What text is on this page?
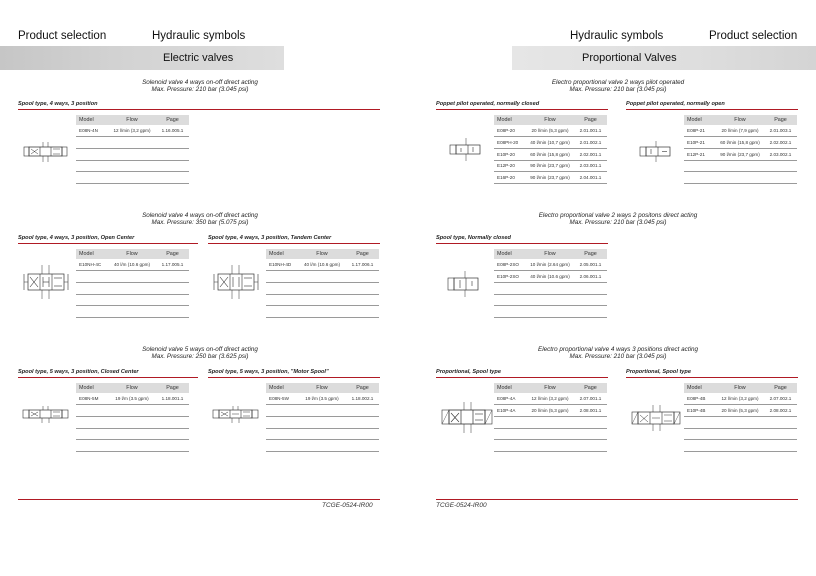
Product selection	Hydraulic symbols	Hydraulic symbols	Product selection
Electric valves	Proportional Valves
Solenoid valve 4 ways on-off direct acting
Max. Pressure: 210 bar (3.045 psi)
Spool type, 4 ways, 3 position
Model	Flow	Page
E08N-4N	12 l/min (3,2 gpm)	1.16.005.1

Solenoid valve 4 ways on-off direct acting
Max. Pressure: 350 bar (5.075 psi)
Spool type, 4 ways, 3 position, Open Center	Spool type, 4 ways, 3 position, Tandem Center
Model	Flow	Page
E10NH-4C	40 l/m (10.6 gpm)	1.17.005.1

Model	Flow	Page
E10NH-4D	40 l/m (10.6 gpm)	1.17.006.1

Solenoid valve 5 ways on-off direct acting
Max. Pressure: 250 bar (3.625 psi)
Spool type, 5 ways, 3 position, Closed Center	Spool type, 5 ways, 3 position, "Motor Spool"
Model	Flow	Page
E08N-5M	19 l/m (3.5 gpm)	1.18.001.1

Model	Flow	Page
E08N-5W	19 l/m (3.5 gpm)	1.18.002.1

TCGE-0524-IR00
Electro proportional valve 2 ways pilot operated
Max. Pressure: 210 bar (3.045 psi)
Poppet pilot operated, normally closed	Poppet pilot operated, normally open
Model	Flow	Page
E08P-20	20 l/min (5,3 gpm)	2.01.001.1
E08PH-20	40 l/min (10,7 gpm)	2.01.002.1
E10P-20	60 l/min (15,8 gpm)	2.02.001.1
E12P-20	90 l/min (23,7 gpm)	2.03.001.1
E16P-20	90 l/min (23,7 gpm)	2.04.001.1
Model	Flow	Page
E08P-21	20 l/min (7,9 gpm)	2.01.003.1
E10P-21	60 l/min (15,8 gpm)	2.02.002.1
E12P-21	90 l/min (23,7 gpm)	2.03.002.1

Electro proportional valve 2 ways 2 positons direct acting
Max. Pressure: 210 bar (3.045 psi)
Spool type, Normally closed
Model	Flow	Page
E08P-2SO	10 l/min (2.64 gpm)	2.05.001.1
E10P-2SO	40 l/min (10.6 gpm)	2.06.001.1

Electro proportional valve 4 ways 3 positions direct acting
Max. Pressure: 210 bar (3.045 psi)
Proportional, Spool type	Proportional, Spool type
Model	Flow	Page
E08P-4A	12 l/min (3,2 gpm)	2.07.001.1
E10P-4A	20 l/min (5,3 gpm)	2.08.001.1

Model	Flow	Page
E08P-4B	12 l/min (3,2 gpm)	2.07.002.1
E10P-4B	20 l/min (5,3 gpm)	2.08.002.1

TCGE-0524-IR00
